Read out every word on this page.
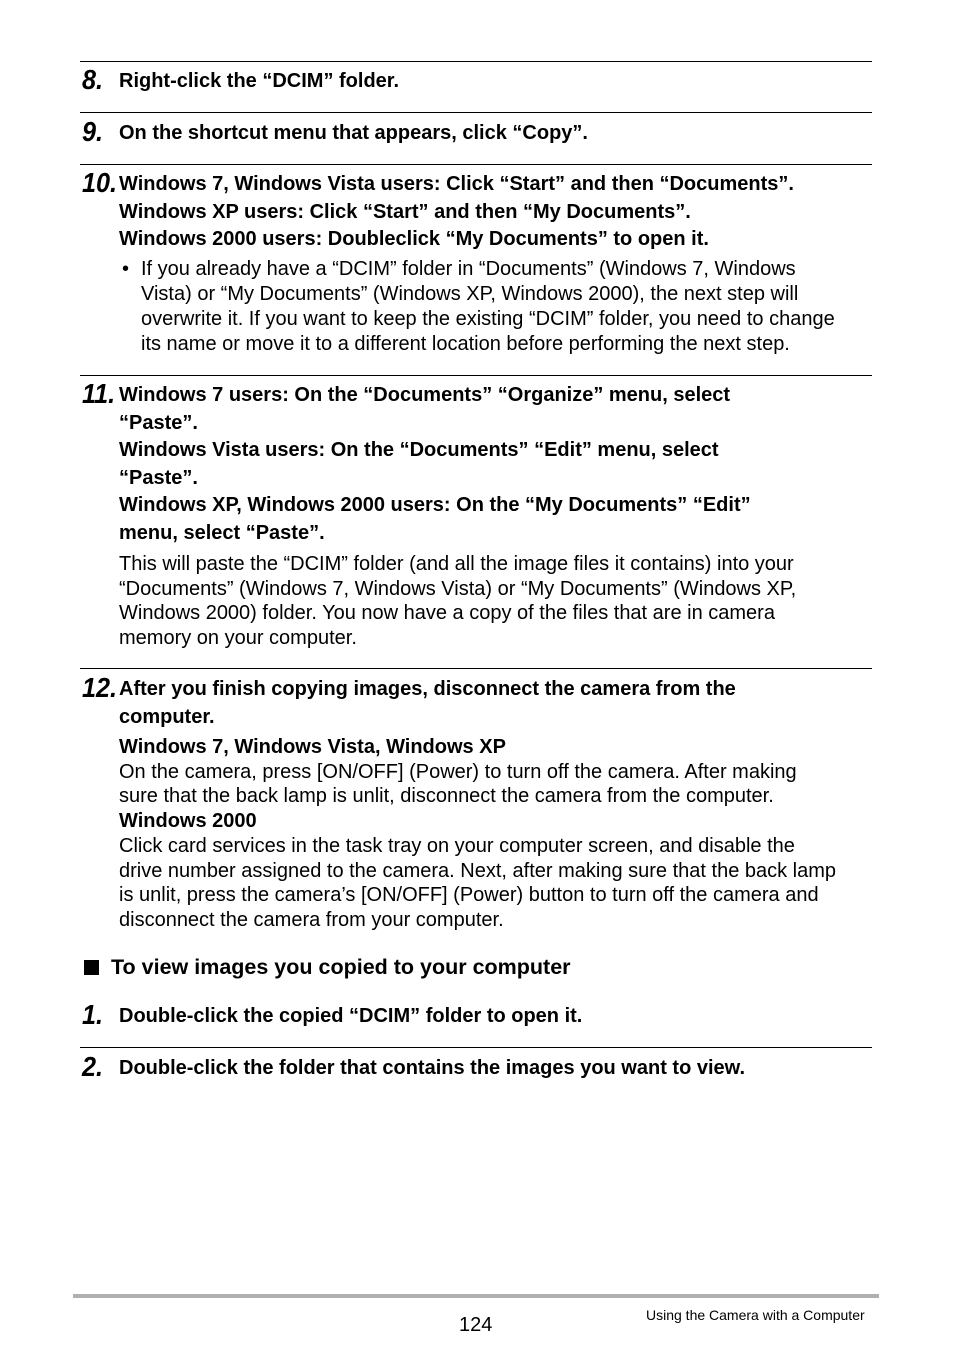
8. Right-click the “DCIM” folder.
9. On the shortcut menu that appears, click “Copy”.
10. Windows 7, Windows Vista users: Click “Start” and then “Documents”.
Windows XP users: Click “Start” and then “My Documents”.
Windows 2000 users: Doubleclick “My Documents” to open it.
• If you already have a “DCIM” folder in “Documents” (Windows 7, Windows
Vista) or “My Documents” (Windows XP, Windows 2000), the next step will
overwrite it. If you want to keep the existing “DCIM” folder, you need to change
its name or move it to a different location before performing the next step.
11. Windows 7 users: On the “Documents” “Organize” menu, select
“Paste”.
Windows Vista users: On the “Documents” “Edit” menu, select
“Paste”.
Windows XP, Windows 2000 users: On the “My Documents” “Edit”
menu, select “Paste”.
This will paste the “DCIM” folder (and all the image files it contains) into your
“Documents” (Windows 7, Windows Vista) or “My Documents” (Windows XP,
Windows 2000) folder. You now have a copy of the files that are in camera
memory on your computer.
12. After you finish copying images, disconnect the camera from the
computer.
Windows 7, Windows Vista, Windows XP
On the camera, press [ON/OFF] (Power) to turn off the camera. After making
sure that the back lamp is unlit, disconnect the camera from the computer.
Windows 2000
Click card services in the task tray on your computer screen, and disable the
drive number assigned to the camera. Next, after making sure that the back lamp
is unlit, press the camera’s [ON/OFF] (Power) button to turn off the camera and
disconnect the camera from your computer.
To view images you copied to your computer
1. Double-click the copied “DCIM” folder to open it.
2. Double-click the folder that contains the images you want to view.
124	Using the Camera with a Computer
